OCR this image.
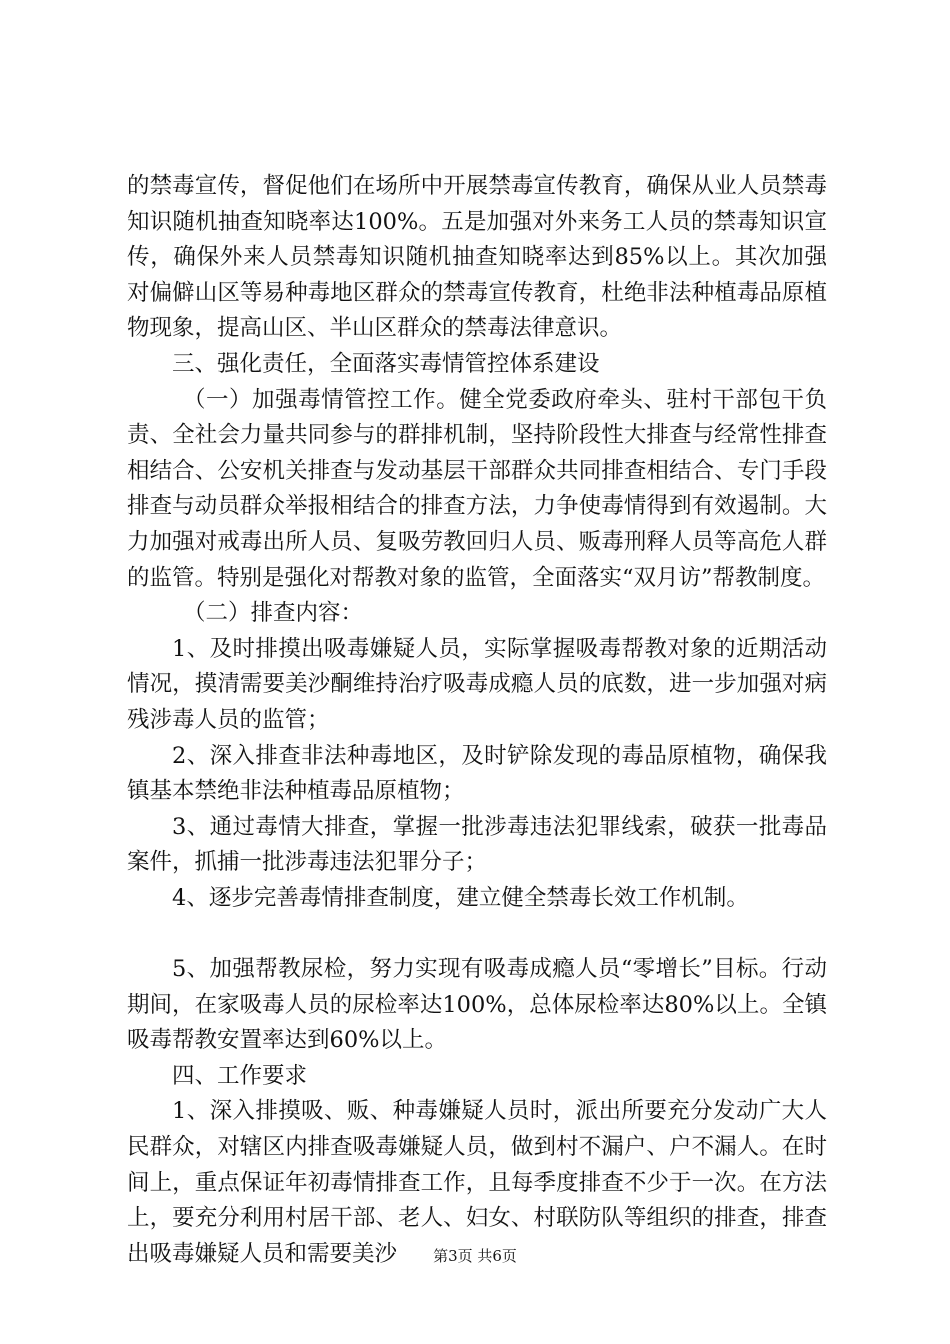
的禁毒宣传，督促他们在场所中开展禁毒宣传教育，确保从业人员禁毒知识随机抽查知晓率达100%。五是加强对外来务工人员的禁毒知识宣传，确保外来人员禁毒知识随机抽查知晓率达到85%以上。其次加强对偏僻山区等易种毒地区群众的禁毒宣传教育，杜绝非法种植毒品原植物现象，提高山区、半山区群众的禁毒法律意识。

三、强化责任，全面落实毒情管控体系建设

（一）加强毒情管控工作。健全党委政府牵头、驻村干部包干负责、全社会力量共同参与的群排机制，坚持阶段性大排查与经常性排查相结合、公安机关排查与发动基层干部群众共同排查相结合、专门手段排查与动员群众举报相结合的排查方法，力争使毒情得到有效遏制。大力加强对戒毒出所人员、复吸劳教回归人员、贩毒刑释人员等高危人群的监管。特别是强化对帮教对象的监管，全面落实“双月访”帮教制度。

（二）排查内容：

1、及时排摸出吸毒嫌疑人员，实际掌握吸毒帮教对象的近期活动情况，摸清需要美沙酮维持治疗吸毒成瘾人员的底数，进一步加强对病残涉毒人员的监管；

2、深入排查非法种毒地区，及时铲除发现的毒品原植物，确保我镇基本禁绝非法种植毒品原植物；

3、通过毒情大排查，掌握一批涉毒违法犯罪线索，破获一批毒品案件，抓捕一批涉毒违法犯罪分子；

4、逐步完善毒情排查制度，建立健全禁毒长效工作机制。

5、加强帮教尿检，努力实现有吸毒成瘾人员“零增长”目标。行动期间，在家吸毒人员的尿检率达100%，总体尿检率达80%以上。全镇吸毒帮教安置率达到60%以上。

四、工作要求

1、深入排摸吸、贩、种毒嫌疑人员时，派出所要充分发动广大人民群众，对辖区内排查吸毒嫌疑人员，做到村不漏户、户不漏人。在时间上，重点保证年初毒情排查工作，且每季度排查不少于一次。在方法上，要充分利用村居干部、老人、妇女、村联防队等组织的排查，排查出吸毒嫌疑人员和需要美沙	第3页 共6页
